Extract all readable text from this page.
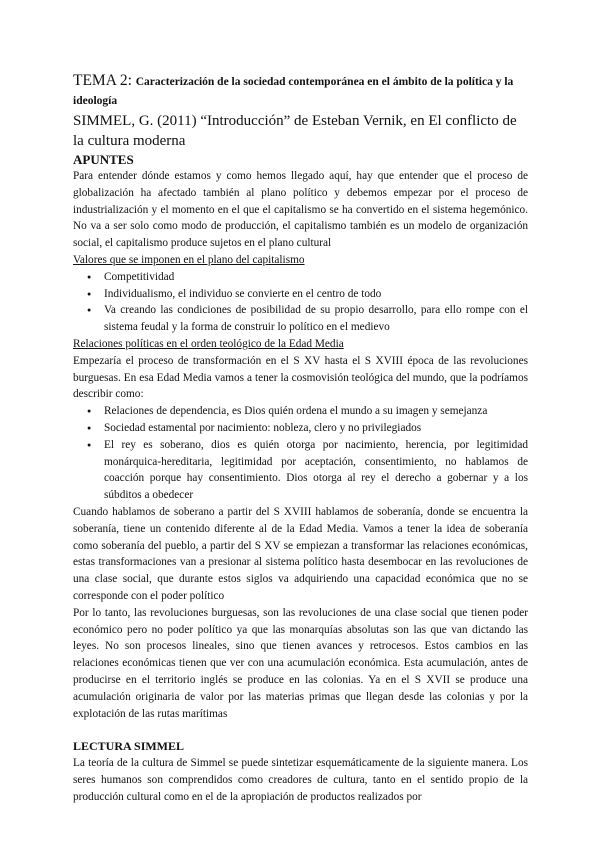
TEMA 2: Caracterización de la sociedad contemporánea en el ámbito de la política y la ideología
SIMMEL, G. (2011) “Introducción” de Esteban Vernik, en El conflicto de la cultura moderna
APUNTES

Para entender dónde estamos y como hemos llegado aquí, hay que entender que el proceso de globalización ha afectado también al plano político y debemos empezar por el proceso de industrialización y el momento en el que el capitalismo se ha convertido en el sistema hegemónico. No va a ser solo como modo de producción, el capitalismo también es un modelo de organización social, el capitalismo produce sujetos en el plano cultural

Valores que se imponen en el plano del capitalismo
● Competitividad
● Individualismo, el individuo se convierte en el centro de todo
● Va creando las condiciones de posibilidad de su propio desarrollo, para ello rompe con el sistema feudal y la forma de construir lo político en el medievo
Relaciones políticas en el orden teológico de la Edad Media

Empezaría el proceso de transformación en el S XV hasta el S XVIII época de las revoluciones burguesas. En esa Edad Media vamos a tener la cosmovisión teológica del mundo, que la podríamos describir como:

● Relaciones de dependencia, es Dios quién ordena el mundo a su imagen y semejanza
● Sociedad estamental por nacimiento: nobleza, clero y no privilegiados
● El rey es soberano, dios es quién otorga por nacimiento, herencia, por legitimidad monárquica-hereditaria, legitimidad por aceptación, consentimiento, no hablamos de coacción porque hay consentimiento. Dios otorga al rey el derecho a gobernar y a los súbditos a obedecer

Cuando hablamos de soberano a partir del S XVIII hablamos de soberanía, donde se encuentra la soberanía, tiene un contenido diferente al de la Edad Media. Vamos a tener la idea de soberanía como soberanía del pueblo, a partir del S XV se empiezan a transformar las relaciones económicas, estas transformaciones van a presionar al sistema político hasta desembocar en las revoluciones de una clase social, que durante estos siglos va adquiriendo una capacidad económica que no se corresponde con el poder político

Por lo tanto, las revoluciones burguesas, son las revoluciones de una clase social que tienen poder económico pero no poder político ya que las monarquías absolutas son las que van dictando las leyes. No son procesos lineales, sino que tienen avances y retrocesos. Estos cambios en las relaciones económicas tienen que ver con una acumulación económica. Esta acumulación, antes de producirse en el territorio inglés se produce en las colonias. Ya en el S XVII se produce una acumulación originaria de valor por las materias primas que llegan desde las colonias y por la explotación de las rutas marítimas

LECTURA SIMMEL

La teoría de la cultura de Simmel se puede sintetizar esquemáticamente de la siguiente manera. Los seres humanos son comprendidos como creadores de cultura, tanto en el sentido propio de la producción cultural como en el de la apropiación de productos realizados por
